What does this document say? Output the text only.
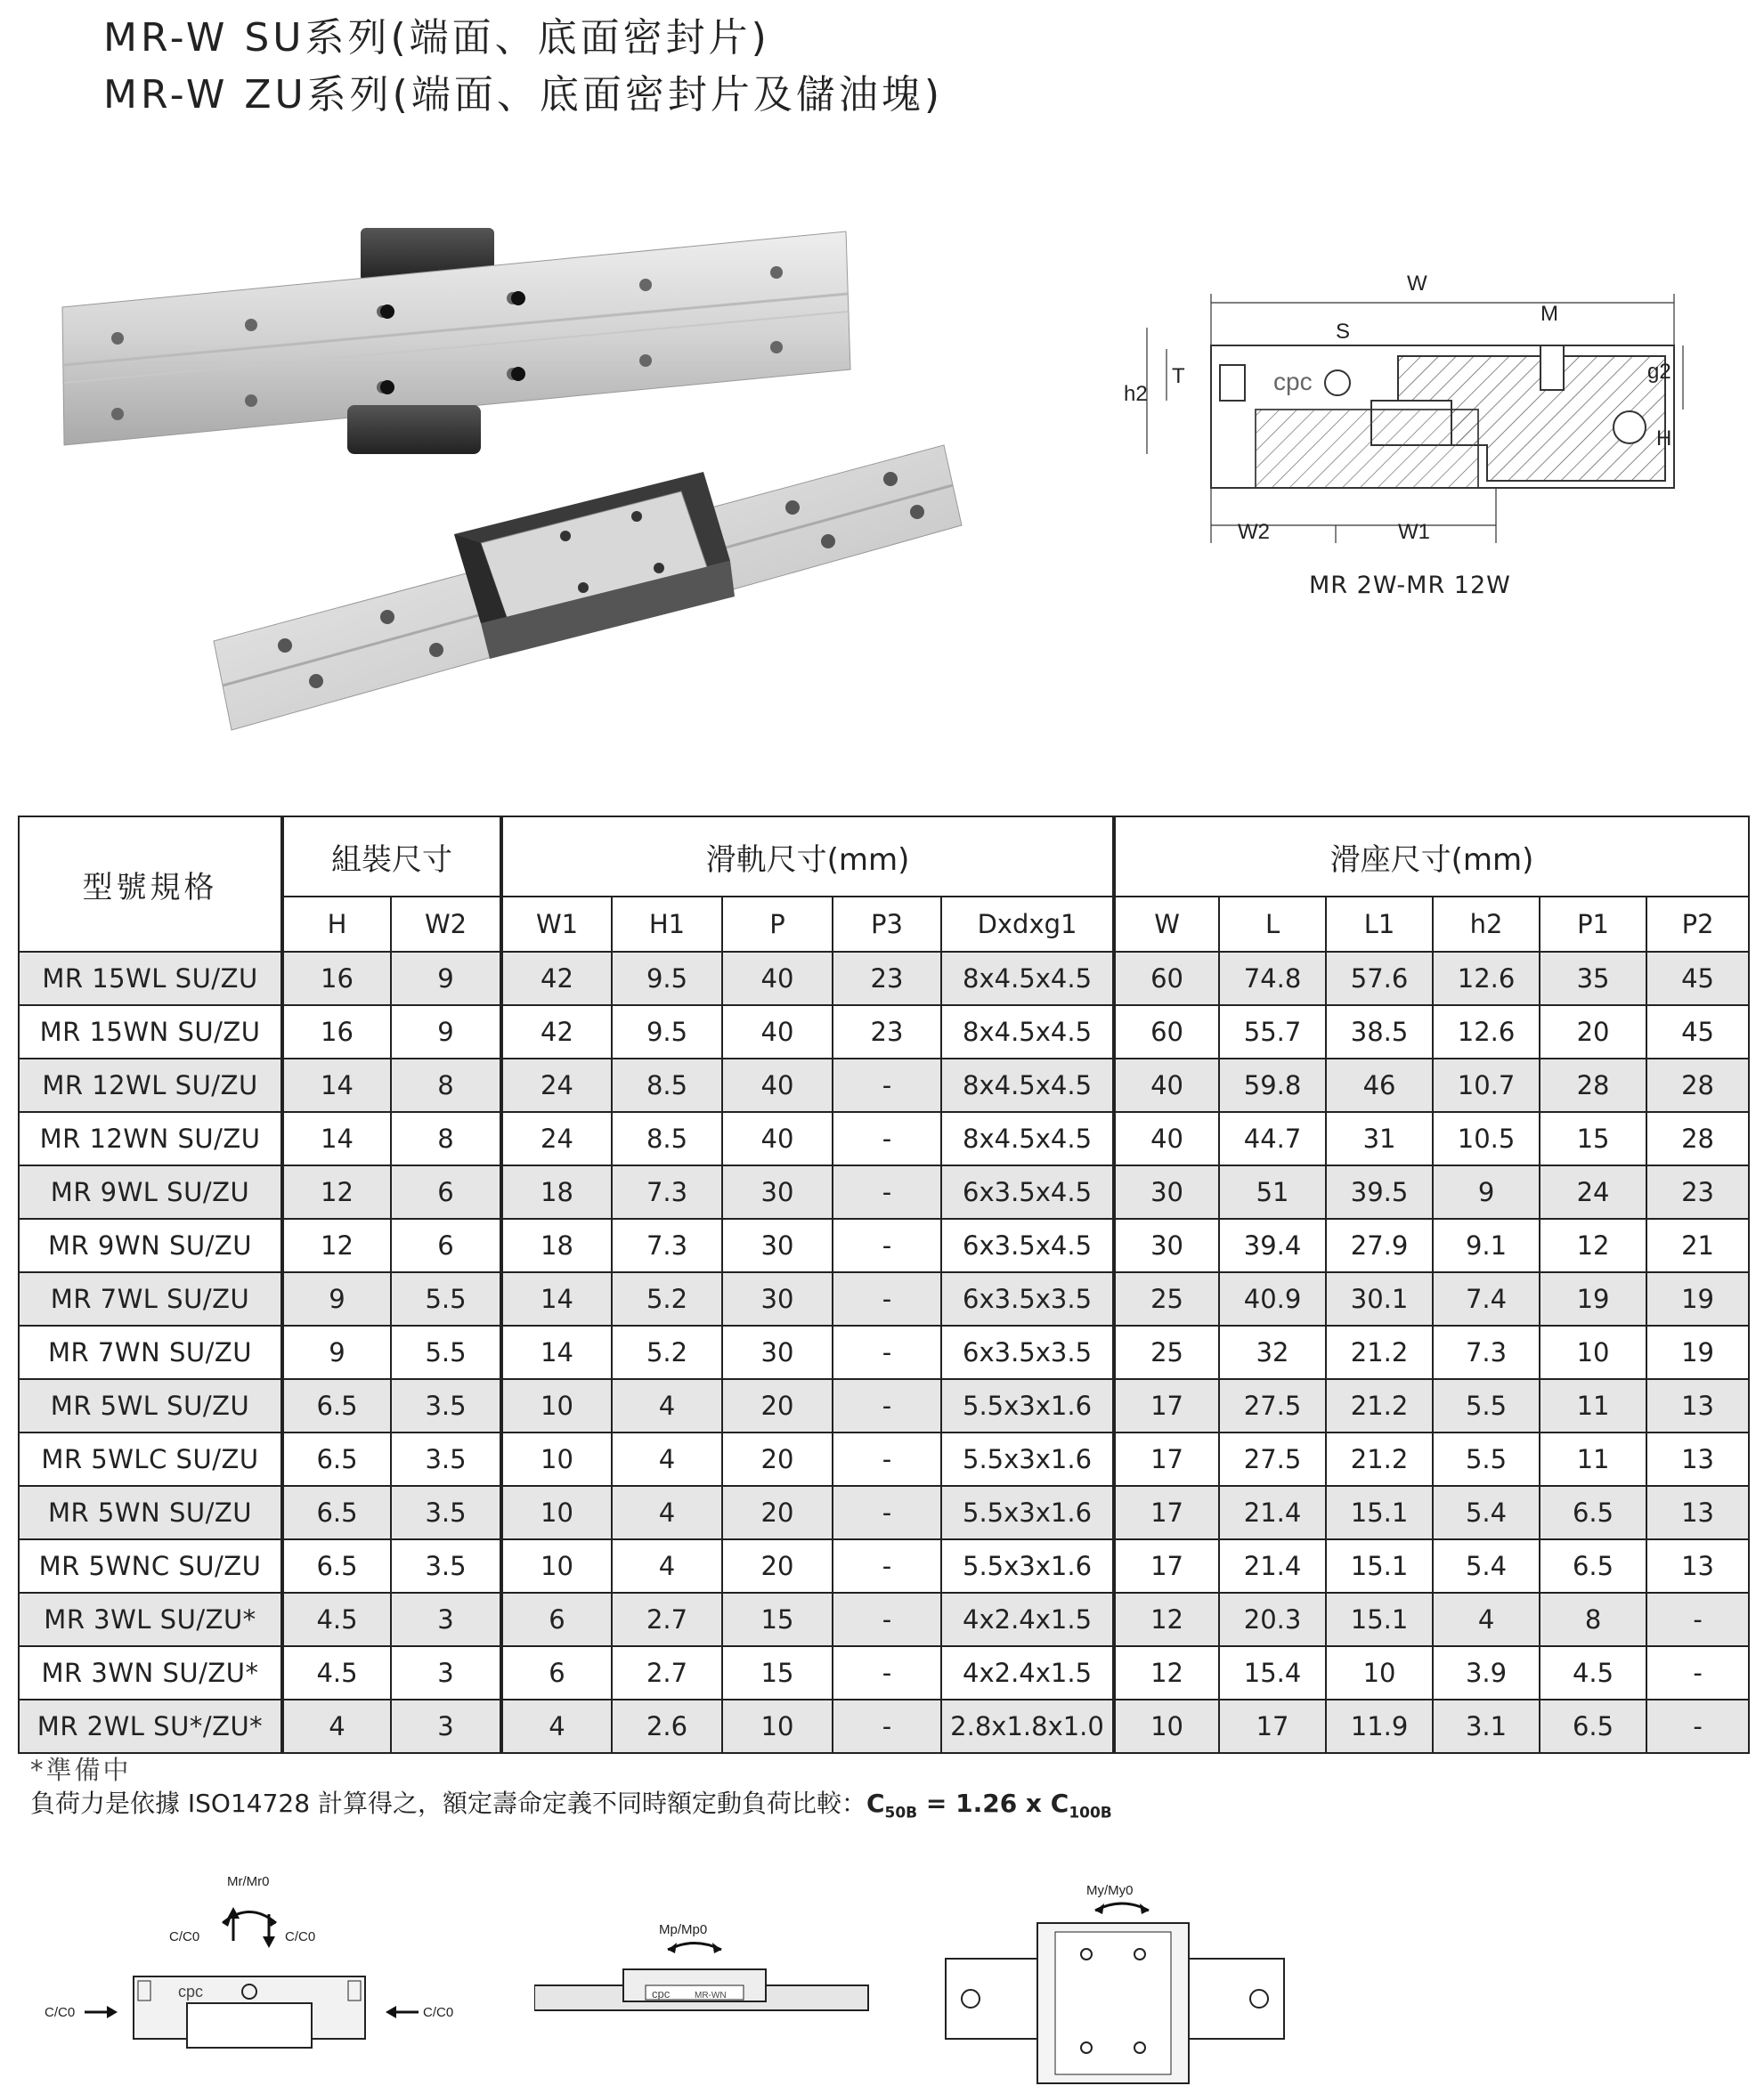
MR-W SU系列(端面、底面密封片)
MR-W ZU系列(端面、底面密封片及儲油塊)
cpc
W
S
M
T
h2
g2
H
W2	W1
MR 2W-MR 12W
型號規格	組裝尺寸		滑軌尺寸(mm)					滑座尺寸(mm)					
	H	W2	W1	H1	P	P3	Dxdxg1	W	L	L1	h2	P1	P2
MR 15WL SU/ZU	16	9	42	9.5	40	23	8x4.5x4.5	60	74.8	57.6	12.6	35	45
MR 15WN SU/ZU	16	9	42	9.5	40	23	8x4.5x4.5	60	55.7	38.5	12.6	20	45
MR 12WL SU/ZU	14	8	24	8.5	40	-	8x4.5x4.5	40	59.8	46	10.7	28	28
MR 12WN SU/ZU	14	8	24	8.5	40	-	8x4.5x4.5	40	44.7	31	10.5	15	28
MR 9WL SU/ZU	12	6	18	7.3	30	-	6x3.5x4.5	30	51	39.5	9	24	23
MR 9WN SU/ZU	12	6	18	7.3	30	-	6x3.5x4.5	30	39.4	27.9	9.1	12	21
MR 7WL SU/ZU	9	5.5	14	5.2	30	-	6x3.5x3.5	25	40.9	30.1	7.4	19	19
MR 7WN SU/ZU	9	5.5	14	5.2	30	-	6x3.5x3.5	25	32	21.2	7.3	10	19
MR 5WL SU/ZU	6.5	3.5	10	4	20	-	5.5x3x1.6	17	27.5	21.2	5.5	11	13
MR 5WLC SU/ZU	6.5	3.5	10	4	20	-	5.5x3x1.6	17	27.5	21.2	5.5	11	13
MR 5WN SU/ZU	6.5	3.5	10	4	20	-	5.5x3x1.6	17	21.4	15.1	5.4	6.5	13
MR 5WNC SU/ZU	6.5	3.5	10	4	20	-	5.5x3x1.6	17	21.4	15.1	5.4	6.5	13
MR 3WL SU/ZU*	4.5	3	6	2.7	15	-	4x2.4x1.5	12	20.3	15.1	4	8	-
MR 3WN SU/ZU*	4.5	3	6	2.7	15	-	4x2.4x1.5	12	15.4	10	3.9	4.5	-
MR 2WL SU*/ZU*	4	3	4	2.6	10	-	2.8x1.8x1.0	10	17	11.9	3.1	6.5	-
*準備中
負荷力是依據 ISO14728 計算得之，額定壽命定義不同時額定動負荷比較：$C_{50B} = 1.26$ x $C_{100B}$
Mr/Mr0
C/C0	C/C0
C/C0	C/C0
cpc
Mp/Mp0
cpc	MR-WN
My/My0
